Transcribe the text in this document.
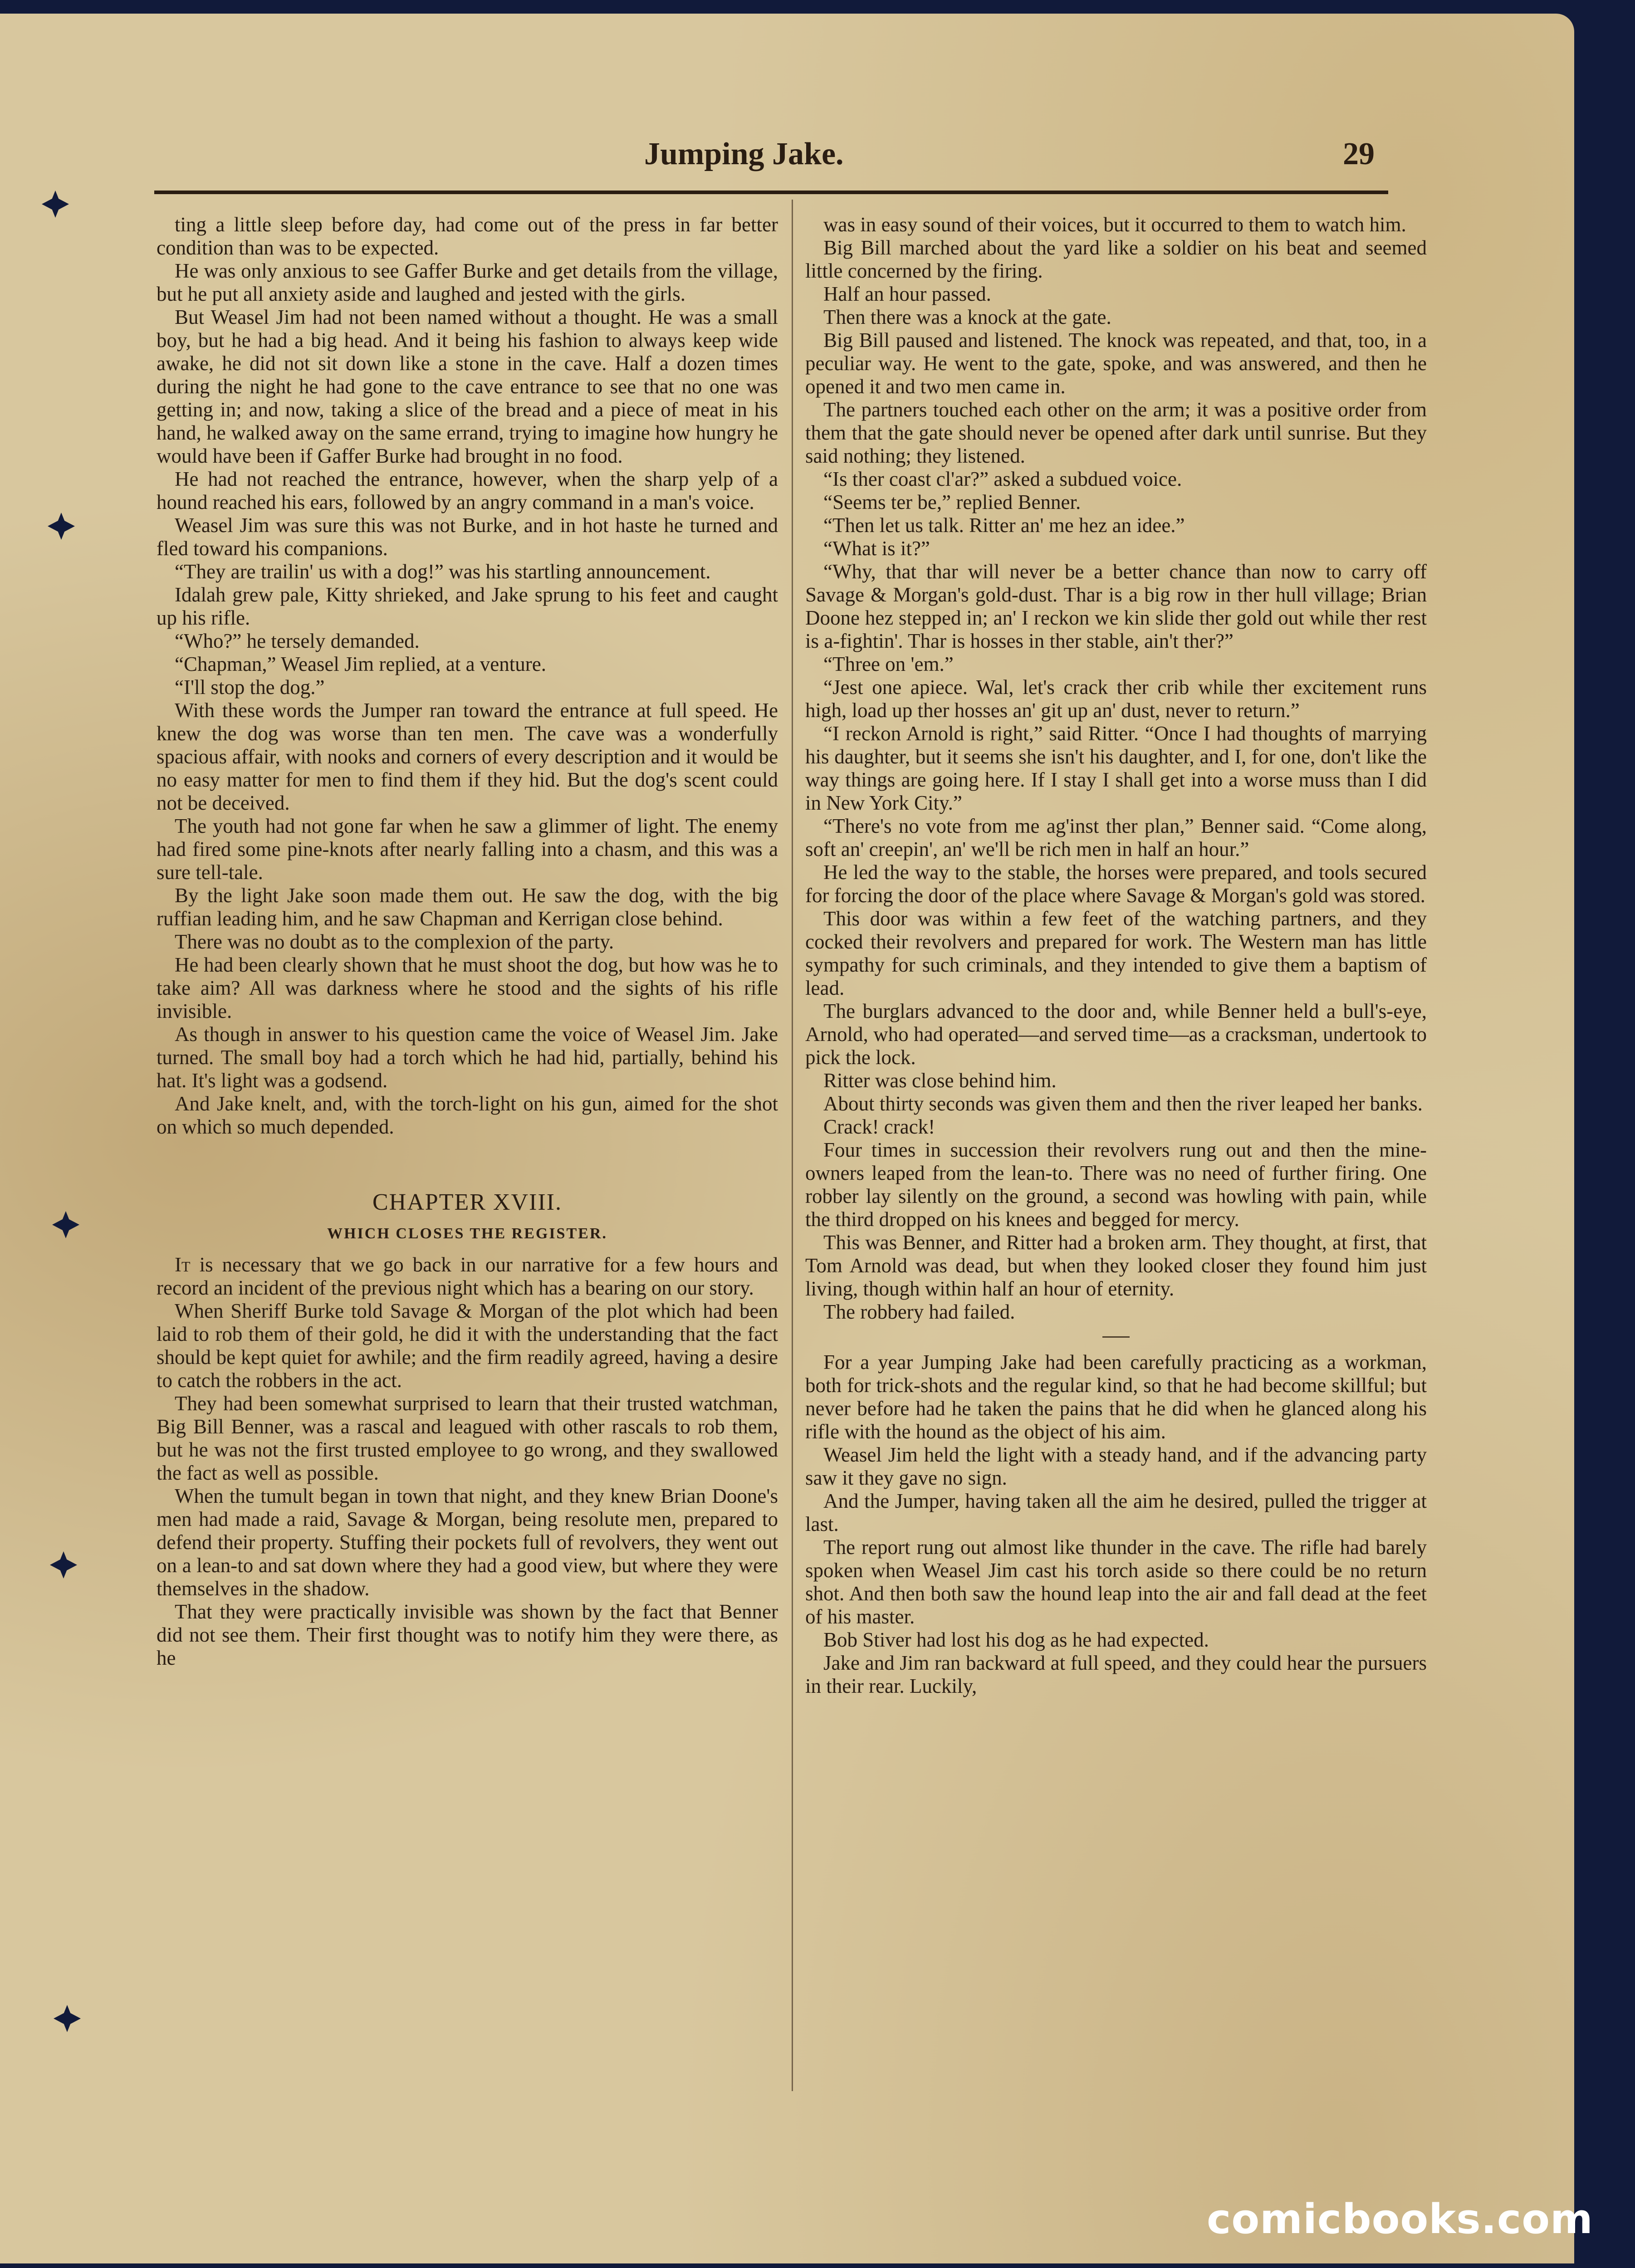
Jumping Jake.	29

ting a little sleep before day, had come out of the press in far better condition than was to be expected.

He was only anxious to see Gaffer Burke and get details from the village, but he put all anxiety aside and laughed and jested with the girls.

But Weasel Jim had not been named without a thought. He was a small boy, but he had a big head. And it being his fashion to always keep wide awake, he did not sit down like a stone in the cave. Half a dozen times during the night he had gone to the cave entrance to see that no one was getting in; and now, taking a slice of the bread and a piece of meat in his hand, he walked away on the same errand, trying to imagine how hungry he would have been if Gaffer Burke had brought in no food.

He had not reached the entrance, however, when the sharp yelp of a hound reached his ears, followed by an angry command in a man's voice.

Weasel Jim was sure this was not Burke, and in hot haste he turned and fled toward his companions.

“They are trailin' us with a dog!” was his startling announcement.

Idalah grew pale, Kitty shrieked, and Jake sprung to his feet and caught up his rifle.

“Who?” he tersely demanded.

“Chapman,” Weasel Jim replied, at a venture.

“I'll stop the dog.”

With these words the Jumper ran toward the entrance at full speed. He knew the dog was worse than ten men. The cave was a wonderfully spacious affair, with nooks and corners of every description and it would be no easy matter for men to find them if they hid. But the dog's scent could not be deceived.

The youth had not gone far when he saw a glimmer of light. The enemy had fired some pine-knots after nearly falling into a chasm, and this was a sure tell-tale.

By the light Jake soon made them out. He saw the dog, with the big ruffian leading him, and he saw Chapman and Kerrigan close behind.

There was no doubt as to the complexion of the party.

He had been clearly shown that he must shoot the dog, but how was he to take aim? All was darkness where he stood and the sights of his rifle invisible.

As though in answer to his question came the voice of Weasel Jim. Jake turned. The small boy had a torch which he had hid, partially, behind his hat. It's light was a godsend.

And Jake knelt, and, with the torch-light on his gun, aimed for the shot on which so much depended.

CHAPTER XVIII.
WHICH CLOSES THE REGISTER.

It is necessary that we go back in our narrative for a few hours and record an incident of the previous night which has a bearing on our story.

When Sheriff Burke told Savage & Morgan of the plot which had been laid to rob them of their gold, he did it with the understanding that the fact should be kept quiet for awhile; and the firm readily agreed, having a desire to catch the robbers in the act.

They had been somewhat surprised to learn that their trusted watchman, Big Bill Benner, was a rascal and leagued with other rascals to rob them, but he was not the first trusted employee to go wrong, and they swallowed the fact as well as possible.

When the tumult began in town that night, and they knew Brian Doone's men had made a raid, Savage & Morgan, being resolute men, prepared to defend their property. Stuffing their pockets full of revolvers, they went out on a lean-to and sat down where they had a good view, but where they were themselves in the shadow.

That they were practically invisible was shown by the fact that Benner did not see them. Their first thought was to notify him they were there, as he

was in easy sound of their voices, but it occurred to them to watch him.

Big Bill marched about the yard like a soldier on his beat and seemed little concerned by the firing.

Half an hour passed.

Then there was a knock at the gate.

Big Bill paused and listened. The knock was repeated, and that, too, in a peculiar way. He went to the gate, spoke, and was answered, and then he opened it and two men came in.

The partners touched each other on the arm; it was a positive order from them that the gate should never be opened after dark until sunrise. But they said nothing; they listened.

“Is ther coast cl'ar?” asked a subdued voice.

“Seems ter be,” replied Benner.

“Then let us talk. Ritter an' me hez an idee.”

“What is it?”

“Why, that thar will never be a better chance than now to carry off Savage & Morgan's gold-dust. Thar is a big row in ther hull village; Brian Doone hez stepped in; an' I reckon we kin slide ther gold out while ther rest is a-fightin'. Thar is hosses in ther stable, ain't ther?”

“Three on 'em.”

“Jest one apiece. Wal, let's crack ther crib while ther excitement runs high, load up ther hosses an' git up an' dust, never to return.”

“I reckon Arnold is right,” said Ritter. “Once I had thoughts of marrying his daughter, but it seems she isn't his daughter, and I, for one, don't like the way things are going here. If I stay I shall get into a worse muss than I did in New York City.”

“There's no vote from me ag'inst ther plan,” Benner said. “Come along, soft an' creepin', an' we'll be rich men in half an hour.”

He led the way to the stable, the horses were prepared, and tools secured for forcing the door of the place where Savage & Morgan's gold was stored.

This door was within a few feet of the watching partners, and they cocked their revolvers and prepared for work. The Western man has little sympathy for such criminals, and they intended to give them a baptism of lead.

The burglars advanced to the door and, while Benner held a bull's-eye, Arnold, who had operated—and served time—as a cracksman, undertook to pick the lock.

Ritter was close behind him.

About thirty seconds was given them and then the river leaped her banks.

Crack! crack!

Four times in succession their revolvers rung out and then the mine-owners leaped from the lean-to. There was no need of further firing. One robber lay silently on the ground, a second was howling with pain, while the third dropped on his knees and begged for mercy.

This was Benner, and Ritter had a broken arm. They thought, at first, that Tom Arnold was dead, but when they looked closer they found him just living, though within half an hour of eternity.

The robbery had failed.

For a year Jumping Jake had been carefully practicing as a workman, both for trick-shots and the regular kind, so that he had become skillful; but never before had he taken the pains that he did when he glanced along his rifle with the hound as the object of his aim.

Weasel Jim held the light with a steady hand, and if the advancing party saw it they gave no sign.

And the Jumper, having taken all the aim he desired, pulled the trigger at last.

The report rung out almost like thunder in the cave. The rifle had barely spoken when Weasel Jim cast his torch aside so there could be no return shot. And then both saw the hound leap into the air and fall dead at the feet of his master.

Bob Stiver had lost his dog as he had expected.

Jake and Jim ran backward at full speed, and they could hear the pursuers in their rear. Luckily,

comicbooks.com
